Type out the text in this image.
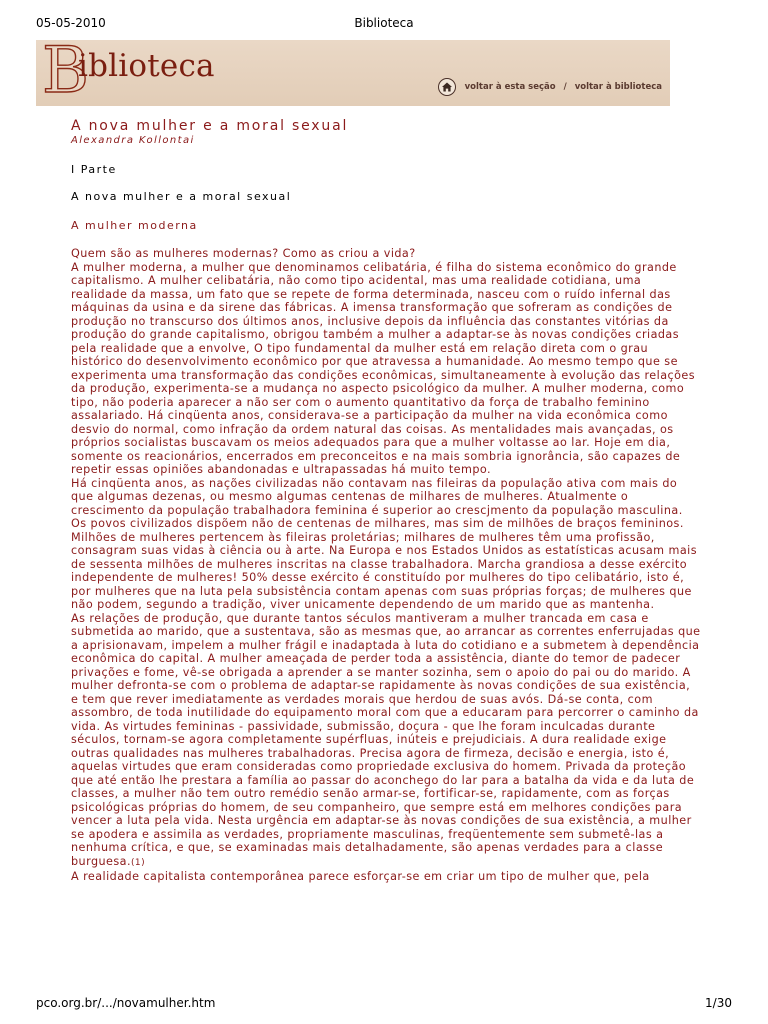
05-05-2010	Biblioteca
B
iblioteca
voltar à esta seção / voltar à biblioteca
A nova mulher e a moral sexual
Alexandra Kollontai
I Parte
A nova mulher e a moral sexual
A mulher moderna

Quem são as mulheres modernas? Como as criou a vida?

A mulher moderna, a mulher que denominamos celibatária, é filha do sistema econômico do grande capitalismo. A mulher celibatária, não como tipo acidental, mas uma realidade cotidiana, uma realidade da massa, um fato que se repete de forma determinada, nasceu com o ruído infernal das máquinas da usina e da sirene das fábricas. A imensa transformação que sofreram as condições de produção no transcurso dos últimos anos, inclusive depois da influência das constantes vitórias da produção do grande capitalismo, obrigou também a mulher a adaptar-se às novas condições criadas pela realidade que a envolve, O tipo fundamental da mulher está em relação direta com o grau histórico do desenvolvimento econômico por que atravessa a humanidade. Ao mesmo tempo que se experimenta uma transformação das condições econômicas, simultaneamente à evolução das relações da produção, experimenta-se a mudança no aspecto psicológico da mulher. A mulher moderna, como tipo, não poderia aparecer a não ser com o aumento quantitativo da força de trabalho feminino assalariado. Há cinqüenta anos, considerava-se a participação da mulher na vida econômica como desvio do normal, como infração da ordem natural das coisas. As mentalidades mais avançadas, os próprios socialistas buscavam os meios adequados para que a mulher voltasse ao lar. Hoje em dia, somente os reacionários, encerrados em preconceitos e na mais sombria ignorância, são capazes de repetir essas opiniões abandonadas e ultrapassadas há muito tempo.

Há cinqüenta anos, as nações civilizadas não contavam nas fileiras da população ativa com mais do que algumas dezenas, ou mesmo algumas centenas de milhares de mulheres. Atualmente o crescimento da população trabalhadora feminina é superior ao crescjmento da população masculina. Os povos civilizados dispõem não de centenas de milhares, mas sim de milhões de braços femininos. Milhões de mulheres pertencem às fileiras proletárias; milhares de mulheres têm uma profissão, consagram suas vidas à ciência ou à arte. Na Europa e nos Estados Unidos as estatísticas acusam mais de sessenta milhões de mulheres inscritas na classe trabalhadora. Marcha grandiosa a desse exército independente de mulheres! 50% desse exército é constituído por mulheres do tipo celibatário, isto é, por mulheres que na luta pela subsistência contam apenas com suas próprias forças; de mulheres que não podem, segundo a tradição, viver unicamente dependendo de um marido que as mantenha.

As relações de produção, que durante tantos séculos mantiveram a mulher trancada em casa e submetida ao marido, que a sustentava, são as mesmas que, ao arrancar as correntes enferrujadas que a aprisionavam, impelem a mulher frágil e inadaptada à luta do cotidiano e a submetem à dependência econômica do capital. A mulher ameaçada de perder toda a assistência, diante do temor de padecer privações e fome, vê-se obrigada a aprender a se manter sozinha, sem o apoio do pai ou do marido. A mulher defronta-se com o problema de adaptar-se rapidamente às novas condições de sua existência, e tem que rever imediatamente as verdades morais que herdou de suas avós. Dá-se conta, com assombro, de toda inutilidade do equipamento moral com que a educaram para percorrer o caminho da vida. As virtudes femininas - passividade, submissão, doçura - que lhe foram inculcadas durante séculos, tornam-se agora completamente supérfluas, inúteis e prejudiciais. A dura realidade exige outras qualidades nas mulheres trabalhadoras. Precisa agora de firmeza, decisão e energia, isto é, aquelas virtudes que eram consideradas como propriedade exclusiva do homem. Privada da proteção que até então lhe prestara a família ao passar do aconchego do lar para a batalha da vida e da luta de classes, a mulher não tem outro remédio senão armar-se, fortificar-se, rapidamente, com as forças psicológicas próprias do homem, de seu companheiro, que sempre está em melhores condições para vencer a luta pela vida. Nesta urgência em adaptar-se às novas condições de sua existência, a mulher se apodera e assimila as verdades, propriamente masculinas, freqüentemente sem submetê-las a nenhuma crítica, e que, se examinadas mais detalhadamente, são apenas verdades para a classe burguesa.(1)

A realidade capitalista contemporânea parece esforçar-se em criar um tipo de mulher que, pela

pco.org.br/.../novamulher.htm	1/30
